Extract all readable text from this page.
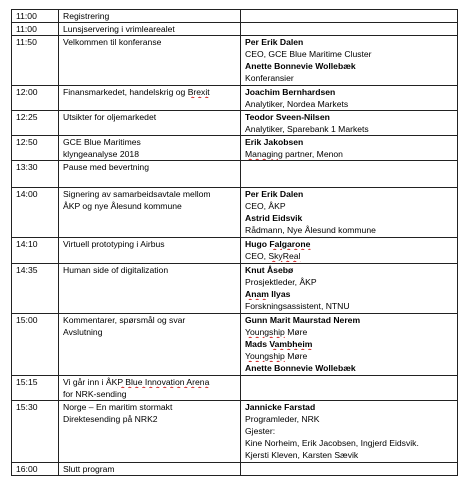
11:00	Registrering	

11:00	Lunsjservering i vrimlearealet	

11:50	Velkommen til konferanse	Per Erik Dalen
CEO, GCE Blue Maritime Cluster
Anette Bonnevie Wollebæk
Konferansier

12:00	Finansmarkedet, handelskrig og Brexit	Joachim Bernhardsen
Analytiker, Nordea Markets

12:25	Utsikter for oljemarkedet	Teodor Sveen-Nilsen
Analytiker, Sparebank 1 Markets

12:50	GCE Blue Maritimes
klyngeanalyse 2018	Erik Jakobsen
Managing partner, Menon

13:30	Pause med bevertning	

14:00	Signering av samarbeidsavtale mellom
ÅKP og nye Ålesund kommune	Per Erik Dalen
CEO, ÅKP
Astrid Eidsvik
Rådmann, Nye Ålesund kommune

14:10	Virtuell prototyping i Airbus	Hugo Falgarone
CEO, SkyReal

14:35	Human side of digitalization	Knut Åsebø
Prosjektleder, ÅKP
Anam Ilyas
Forskningsassistent, NTNU

15:00	Kommentarer, spørsmål og svar
Avslutning	Gunn Marit Maurstad Nerem
Youngship Møre
Mads Vambheim
Youngship Møre
Anette Bonnevie Wollebæk

15:15	Vi går inn i ÅKP Blue Innovation Arena
for NRK-sending	

15:30	Norge – En maritim stormakt
Direktesending på NRK2	Jannicke Farstad
Programleder, NRK
Gjester:
Kine Norheim, Erik Jacobsen, Ingjerd Eidsvik.
Kjersti Kleven, Karsten Sævik

16:00	Slutt program	
